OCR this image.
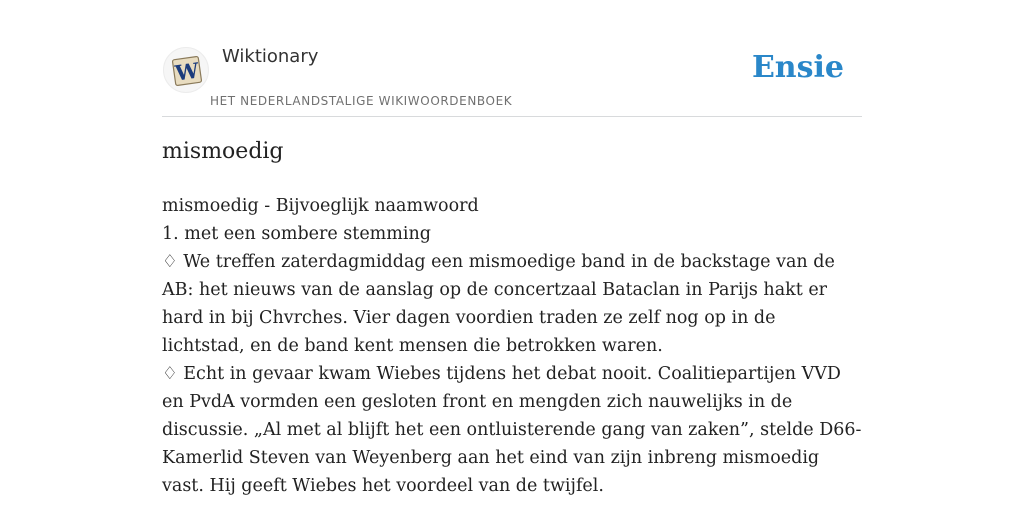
W
Wiktionary
HET NEDERLANDSTALIGE WIKIWOORDENBOEK
Ensie
mismoedig

mismoedig - Bijvoeglijk naamwoord

1. met een sombere stemming

♢ We treffen zaterdagmiddag een mismoedige band in de backstage van de AB: het nieuws van de aanslag op de concertzaal Bataclan in Parijs hakt er hard in bij Chvrches. Vier dagen voordien traden ze zelf nog op in de lichtstad, en de band kent mensen die betrokken waren.

♢ Echt in gevaar kwam Wiebes tijdens het debat nooit. Coalitiepartijen VVD en PvdA vormden een gesloten front en mengden zich nauwelijks in de discussie. „Al met al blijft het een ontluisterende gang van zaken”, stelde D66-Kamerlid Steven van Weyenberg aan het eind van zijn inbreng mismoedig vast. Hij geeft Wiebes het voordeel van de twijfel.
